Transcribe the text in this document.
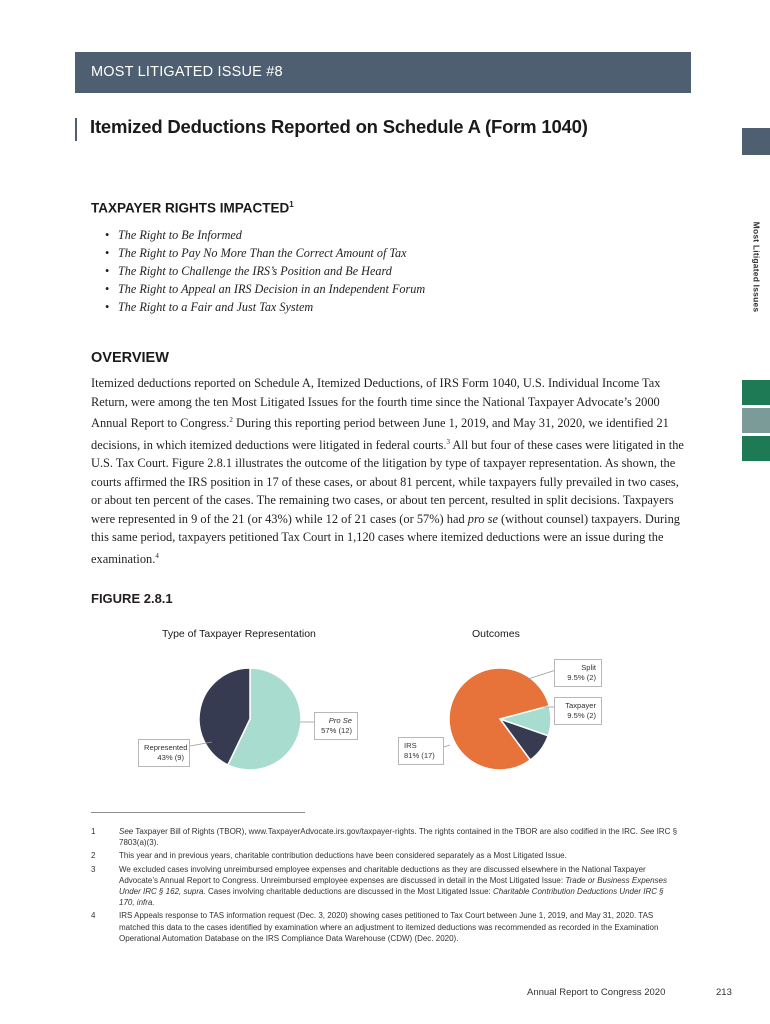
MOST LITIGATED ISSUE #8
Itemized Deductions Reported on Schedule A (Form 1040)
Most Litigated Issues
TAXPAYER RIGHTS IMPACTED$^1$
• The Right to Be Informed
• The Right to Pay No More Than the Correct Amount of Tax
• The Right to Challenge the IRS’s Position and Be Heard
• The Right to Appeal an IRS Decision in an Independent Forum
• The Right to a Fair and Just Tax System
OVERVIEW
Itemized deductions reported on Schedule A, Itemized Deductions, of IRS Form 1040, U.S. Individual Income Tax Return, were among the ten Most Litigated Issues for the fourth time since the National Taxpayer Advocate’s 2000 Annual Report to Congress.$^2$ During this reporting period between June 1, 2019, and May 31, 2020, we identified 21 decisions, in which itemized deductions were litigated in federal courts.$^3$ All but four of these cases were litigated in the U.S. Tax Court. Figure 2.8.1 illustrates the outcome of the litigation by type of taxpayer representation. As shown, the courts affirmed the IRS position in 17 of these cases, or about 81 percent, while taxpayers fully prevailed in two cases, or about ten percent of the cases. The remaining two cases, or about ten percent, resulted in split decisions. Taxpayers were represented in 9 of the 21 (or 43%) while 12 of 21 cases (or 57%) had pro se (without counsel) taxpayers. During this same period, taxpayers petitioned Tax Court in 1,120 cases where itemized deductions were an issue during the examination.$^4$
FIGURE 2.8.1
Type of Taxpayer Representation	Outcomes
Pro Se
57% (12)
Represented
43% (9)
Split
9.5% (2)
Taxpayer
9.5% (2)
IRS
81% (17)
1	See Taxpayer Bill of Rights (TBOR), www.TaxpayerAdvocate.irs.gov/taxpayer-rights. The rights contained in the TBOR are also codified in the IRC. See IRC § 7803(a)(3).
2	This year and in previous years, charitable contribution deductions have been considered separately as a Most Litigated Issue.
3	We excluded cases involving unreimbursed employee expenses and charitable deductions as they are discussed elsewhere in the National Taxpayer Advocate’s Annual Report to Congress. Unreimbursed employee expenses are discussed in detail in the Most Litigated Issue: Trade or Business Expenses Under IRC § 162, supra. Cases involving charitable deductions are discussed in the Most Litigated Issue: Charitable Contribution Deductions Under IRC § 170, infra.
4	IRS Appeals response to TAS information request (Dec. 3, 2020) showing cases petitioned to Tax Court between June 1, 2019, and May 31, 2020. TAS matched this data to the cases identified by examination where an adjustment to itemized deductions was recommended as recorded in the Examination Operational Automation Database on the IRS Compliance Data Warehouse (CDW) (Dec. 2020).
Annual Report to Congress 2020	213
